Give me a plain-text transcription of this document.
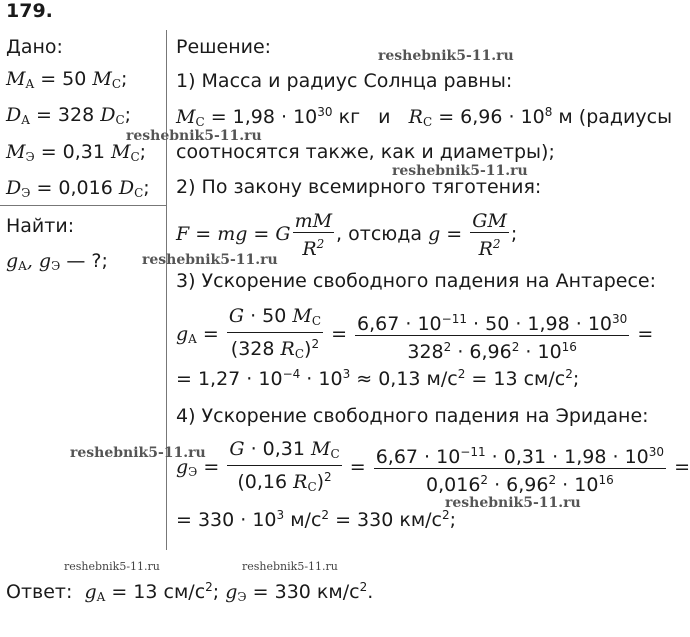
179.
Дано:
$M_A = 50$ $M_C$;
$D_A = 328$ $D_C$;
$M_Э = 0,31$ $M_C$;
$D_Э = 0,016$ $D_C$;
Найти:
$g_A$, $g_Э$ — ?;
Решение:
1) Масса и радиус Солнца равны:
$M_C = 1,98 \cdot 10^{30}$ кг   и   $R_C = 6,96 \cdot 10^8$ м (радиусы
соотносятся также, как и диаметры);
2) По закону всемирного тяготения:
F = mg = G $\frac{mM}{R^2}$ , отсюда $g = \frac{GM}{R^2}$ ;
3) Ускорение свободного падения на Антаресе:
$g_A = \frac{G \cdot 50 M_C}{(328 R_C)^2} = \frac{6,67 \cdot 10^{-11} \cdot 50 \cdot 1,98 \cdot 10^{30}}{328^2 \cdot 6,96^2 \cdot 10^{16}}$ =
= $1,27 \cdot 10^{-4} \cdot 10^3 \approx 0,13$ $м/с^2 = 13$ $см/с^2$;
4) Ускорение свободного падения на Эридане:
$g_Э = \frac{G \cdot 0,31 M_C}{(0,16 R_C)^2} = \frac{6,67 \cdot 10^{-11} \cdot 0,31 \cdot 1,98 \cdot 10^{30}}{0,016^2 \cdot 6,96^2 \cdot 10^{16}}$ =
= $330 \cdot 10^3$ $м/с^2 = 330$ $км/с^2$;
Ответ:  $g_A = 13$ $см/с^2$; $g_Э = 330$ $км/с^2$.
reshebnik5-11.ru
reshebnik5-11.ru
reshebnik5-11.ru
reshebnik5-11.ru
reshebnik5-11.ru
reshebnik5-11.ru
reshebnik5-11.ru	reshebnik5-11.ru
